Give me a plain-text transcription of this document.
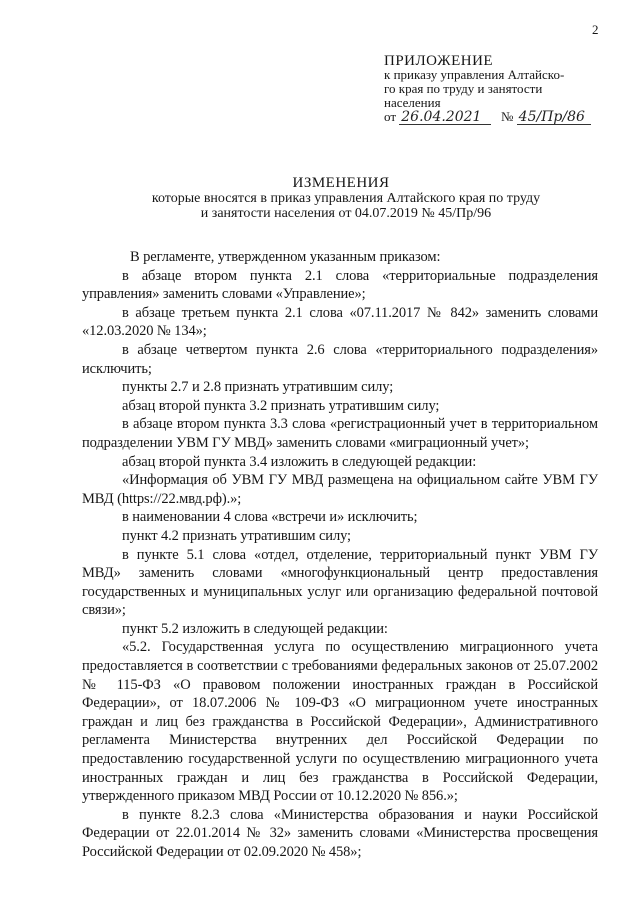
2
ПРИЛОЖЕНИЕ
к приказу управления Алтайско-
го края по труду и занятости
населения
от 26.04.2021 № 45/Пр/86
ИЗМЕНЕНИЯ
которые вносятся в приказ управления Алтайского края по труду
и занятости населения от 04.07.2019 № 45/Пр/96

В регламенте, утвержденном указанным приказом:

в абзаце втором пункта 2.1 слова «территориальные подразделения управления» заменить словами «Управление»;

в абзаце третьем пункта 2.1 слова «07.11.2017 № 842» заменить словами «12.03.2020 № 134»;

в абзаце четвертом пункта 2.6 слова «территориального подразделения» исключить;

пункты 2.7 и 2.8 признать утратившим силу;

абзац второй пункта 3.2 признать утратившим силу;

в абзаце втором пункта 3.3 слова «регистрационный учет в территориальном подразделении УВМ ГУ МВД» заменить словами «миграционный учет»;

абзац второй пункта 3.4 изложить в следующей редакции:

«Информация об УВМ ГУ МВД размещена на официальном сайте УВМ ГУ МВД (https://22.мвд.рф).»;

в наименовании 4 слова «встречи и» исключить;

пункт 4.2 признать утратившим силу;

в пункте 5.1 слова «отдел, отделение, территориальный пункт УВМ ГУ МВД» заменить словами «многофункциональный центр предоставления государственных и муниципальных услуг или организацию федеральной почтовой связи»;

пункт 5.2 изложить в следующей редакции:

«5.2. Государственная услуга по осуществлению миграционного учета предоставляется в соответствии с требованиями федеральных законов от 25.07.2002 № 115-ФЗ «О правовом положении иностранных граждан в Российской Федерации», от 18.07.2006 № 109-ФЗ «О миграционном учете иностранных граждан и лиц без гражданства в Российской Федерации», Административного регламента Министерства внутренних дел Российской Федерации по предоставлению государственной услуги по осуществлению миграционного учета иностранных граждан и лиц без гражданства в Российской Федерации, утвержденного приказом МВД России от 10.12.2020 № 856.»;

в пункте 8.2.3 слова «Министерства образования и науки Российской Федерации от 22.01.2014 № 32» заменить словами «Министерства просвещения Российской Федерации от 02.09.2020 № 458»;
